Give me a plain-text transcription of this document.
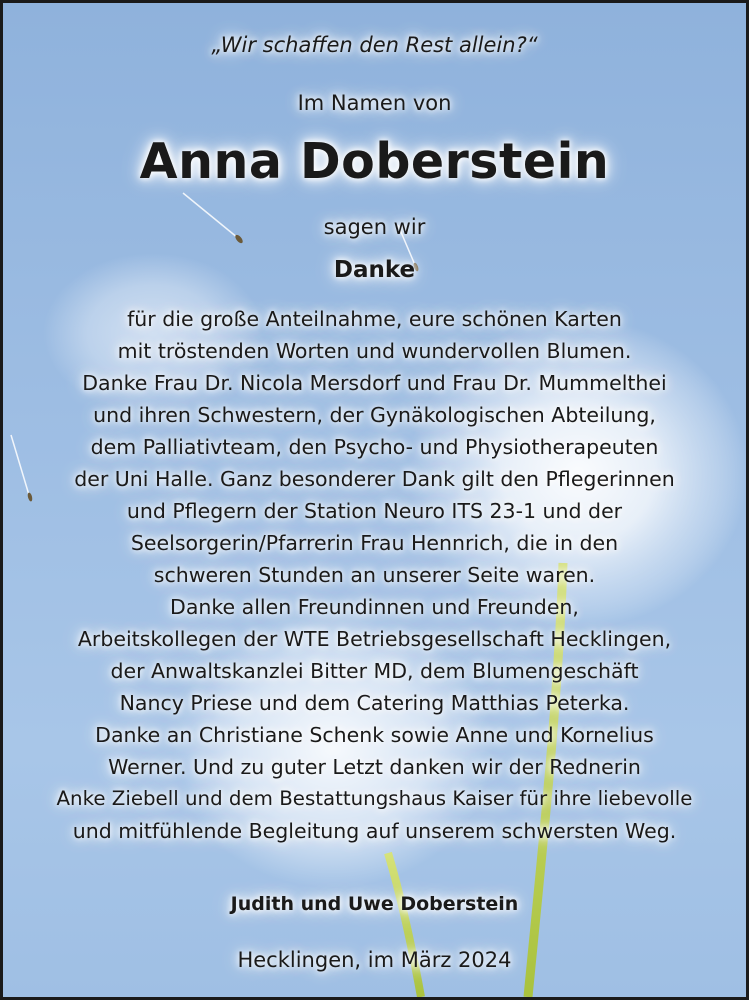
„Wir schaffen den Rest allein?“
Im Namen von
Anna Doberstein
sagen wir
Danke
für die große Anteilnahme, eure schönen Karten
mit tröstenden Worten und wundervollen Blumen.
Danke Frau Dr. Nicola Mersdorf und Frau Dr. Mummelthei
und ihren Schwestern, der Gynäkologischen Abteilung,
dem Palliativteam, den Psycho- und Physiotherapeuten
der Uni Halle. Ganz besonderer Dank gilt den Pflegerinnen
und Pflegern der Station Neuro ITS 23-1 und der
Seelsorgerin/Pfarrerin Frau Hennrich, die in den
schweren Stunden an unserer Seite waren.
Danke allen Freundinnen und Freunden,
Arbeitskollegen der WTE Betriebsgesellschaft Hecklingen,
der Anwaltskanzlei Bitter MD, dem Blumengeschäft
Nancy Priese und dem Catering Matthias Peterka.
Danke an Christiane Schenk sowie Anne und Kornelius
Werner. Und zu guter Letzt danken wir der Rednerin
Anke Ziebell und dem Bestattungshaus Kaiser für ihre liebevolle
und mitfühlende Begleitung auf unserem schwersten Weg.
Judith und Uwe Doberstein
Hecklingen, im März 2024
